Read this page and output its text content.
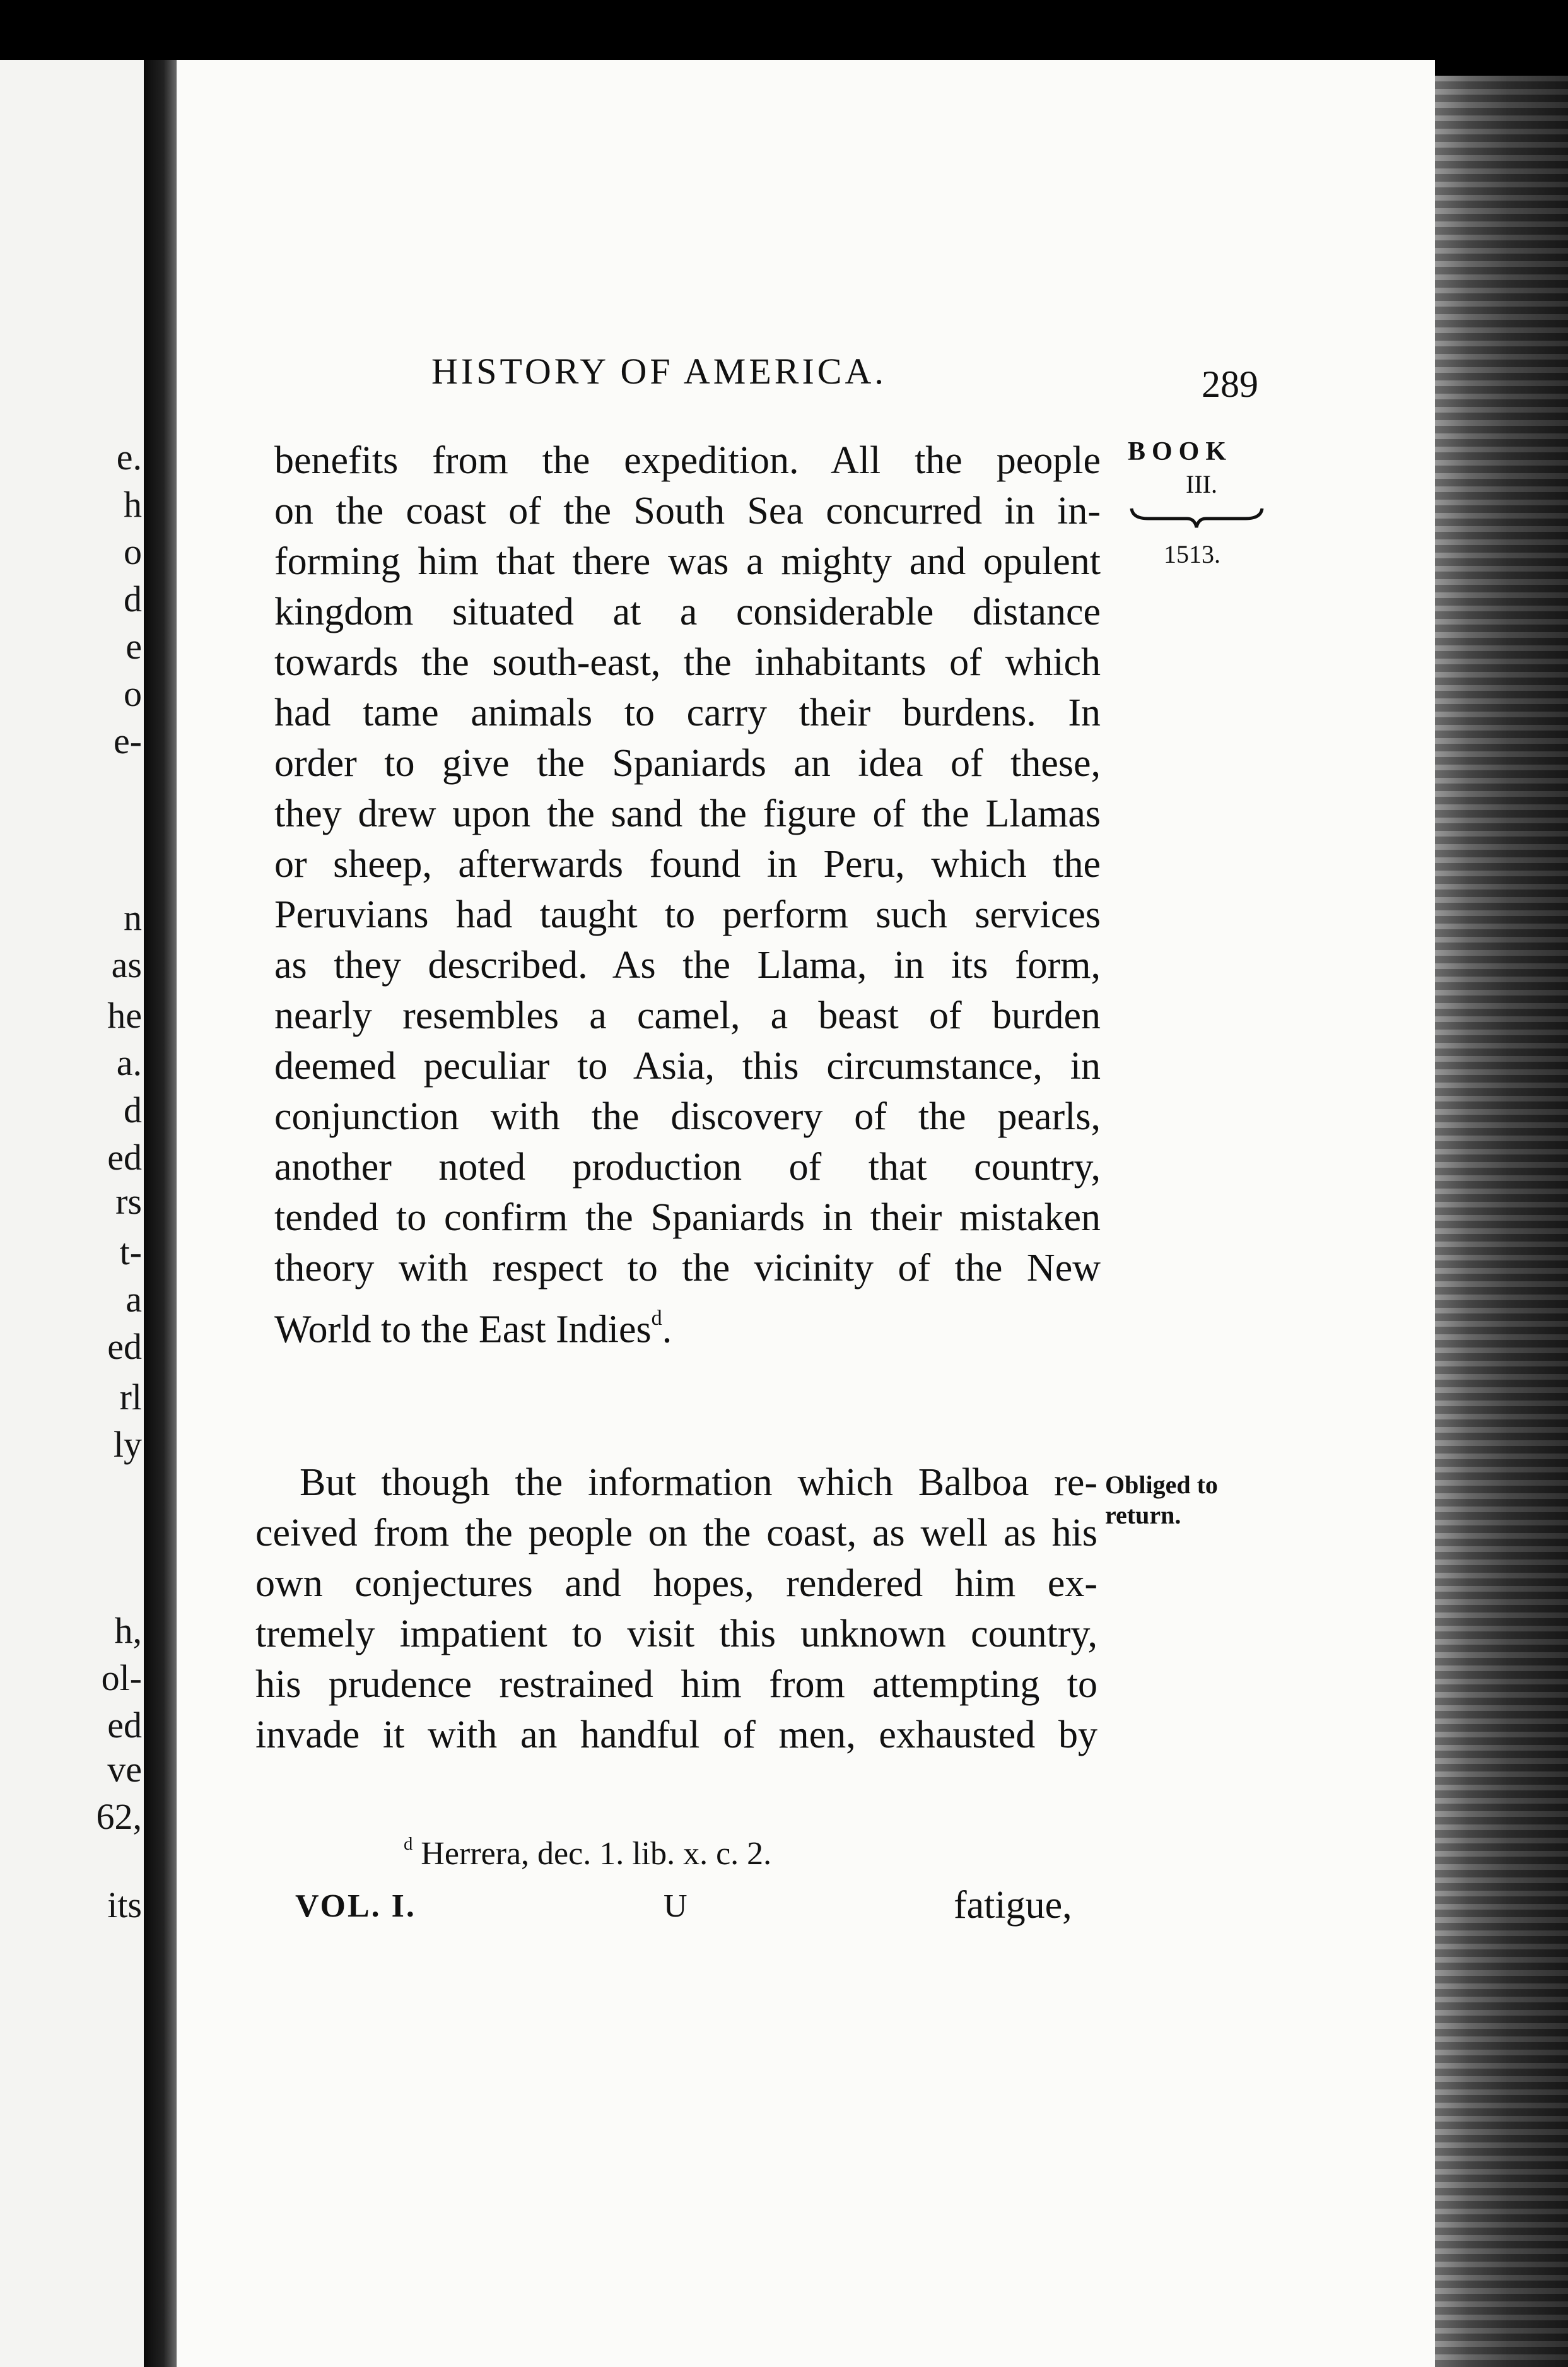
e.
h
o
d
e
o
e-
n
as
he
a.
d
ed
rs
t-
a
ed
rl
ly
h,
ol-
ed
ve
62,
its
HISTORY OF AMERICA.	289
BOOK
III.
1513.
benefits from the expedition. All the people
on the coast of the South Sea concurred in in-
forming him that there was a mighty and opulent
kingdom situated at a considerable distance
towards the south-east, the inhabitants of which
had tame animals to carry their burdens. In
order to give the Spaniards an idea of these,
they drew upon the sand the figure of the Llamas
or sheep, afterwards found in Peru, which the
Peruvians had taught to perform such services
as they described. As the Llama, in its form,
nearly resembles a camel, a beast of burden
deemed peculiar to Asia, this circumstance, in
conjunction with the discovery of the pearls,
another noted production of that country,
tended to confirm the Spaniards in their mistaken
theory with respect to the vicinity of the New
World to the East Indies$^d$.
But though the information which Balboa re-
ceived from the people on the coast, as well as his
own conjectures and hopes, rendered him ex-
tremely impatient to visit this unknown country,
his prudence restrained him from attempting to
invade it with an handful of men, exhausted by
Obliged to
return.
$^d$ Herrera, dec. 1. lib. x. c. 2.
VOL. I.	U	fatigue,
